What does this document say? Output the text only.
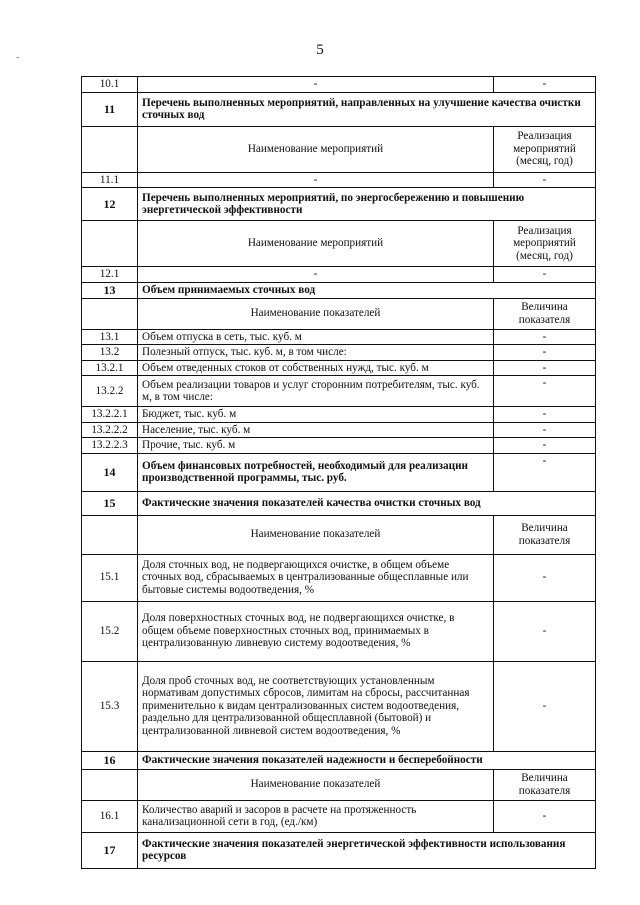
5
-
10.1	-	-
11	Перечень выполненных мероприятий, направленных на улучшение качества очистки сточных вод	
	Наименование мероприятий	Реализация мероприятий (месяц, год)
11.1	-	-
12	Перечень выполненных мероприятий, по энергосбережению и повышению энергетической эффективности	
	Наименование мероприятий	Реализация мероприятий (месяц, год)
12.1	-	-
13	Объем принимаемых сточных вод	
	Наименование показателей	Величина показателя
13.1	Объем отпуска в сеть, тыс. куб. м	-
13.2	Полезный отпуск, тыс. куб. м, в том числе:	-
13.2.1	Объем отведенных стоков от собственных нужд, тыс. куб. м	-
13.2.2	Объем реализации товаров и услуг сторонним потребителям, тыс. куб. м, в том числе:	-
13.2.2.1	Бюджет, тыс. куб. м	-
13.2.2.2	Население, тыс. куб. м	-
13.2.2.3	Прочие, тыс. куб. м	-
14	Объем финансовых потребностей, необходимый для реализации производственной программы, тыс. руб.	-
15	Фактические значения показателей качества очистки сточных вод	
	Наименование показателей	Величина показателя
15.1	Доля сточных вод, не подвергающихся очистке, в общем объеме сточных вод, сбрасываемых в централизованные общесплавные или бытовые системы водоотведения, %	-
15.2	Доля поверхностных сточных вод, не подвергающихся очистке, в общем объеме поверхностных сточных вод, принимаемых в централизованную ливневую систему водоотведения, %	-
15.3	Доля проб сточных вод, не соответствующих установленным нормативам допустимых сбросов, лимитам на сбросы, рассчитанная применительно к видам централизованных систем водоотведения, раздельно для централизованной общесплавной (бытовой) и централизованной ливневой систем водоотведения, %	-
16	Фактические значения показателей надежности и бесперебойности	
	Наименование показателей	Величина показателя
16.1	Количество аварий и засоров в расчете на протяженность канализационной сети в год, (ед./км)	-
17	Фактические значения показателей энергетической эффективности использования ресурсов	
